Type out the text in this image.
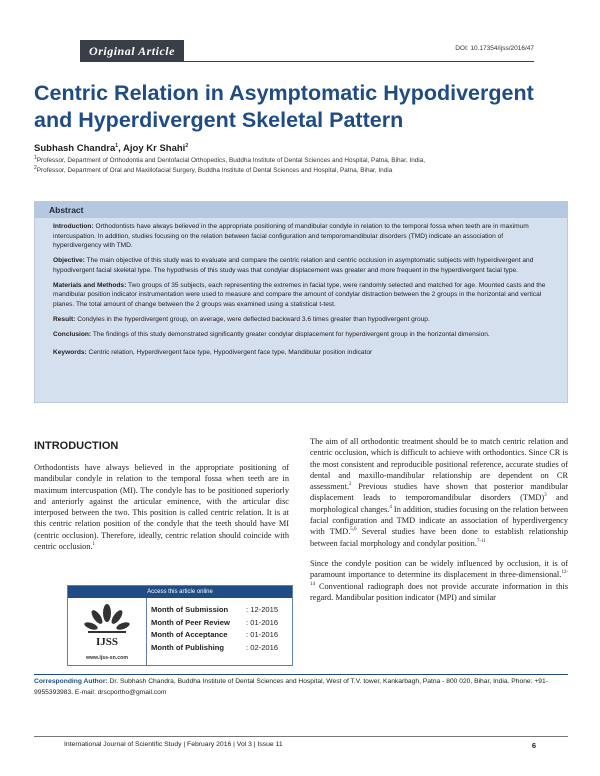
Original Article	DOI: 10.17354/ijss/2016/47
Centric Relation in Asymptomatic Hypodivergent and Hyperdivergent Skeletal Pattern
Subhash Chandra$^1$, Ajoy Kr Shahi$^2$
$^1$Professor, Department of Orthodontia and Dentofacial Orthopedics, Buddha Institute of Dental Sciences and Hospital, Patna, Bihar, India,
$^2$Professor, Department of Oral and Maxillofacial Surgery, Buddha Institute of Dental Sciences and Hospital, Patna, Bihar, India
Abstract

Introduction: Orthodontists have always believed in the appropriate positioning of mandibular condyle in relation to the temporal fossa when teeth are in maximum intercuspation. In addition, studies focusing on the relation between facial configuration and temporomandibular disorders (TMD) indicate an association of hyperdivergency with TMD.

Objective: The main objective of this study was to evaluate and compare the centric relation and centric occlusion in asymptomatic subjects with hyperdivergent and hypodivergent facial skeletal type. The hypothesis of this study was that condylar displacement was greater and more frequent in the hyperdivergent facial type.

Materials and Methods: Two groups of 35 subjects, each representing the extremes in facial type, were randomly selected and matched for age. Mounted casts and the mandibular position indicator instrumentation were used to measure and compare the amount of condylar distraction between the 2 groups in the horizontal and vertical planes. The total amount of change between the 2 groups was examined using a statistical t-test.

Result: Condyles in the hyperdivergent group, on average, were deflected backward 3.6 times greater than hypodivergent group.

Conclusion: The findings of this study demonstrated significantly greater condylar displacement for hyperdivergent group in the horizontal dimension.

Keywords: Centric relation, Hyperdivergent face type, Hypodivergent face type, Mandibular position indicator

INTRODUCTION

Orthodontists have always believed in the appropriate positioning of mandibular condyle in relation to the temporal fossa when teeth are in maximum intercuspation (MI). The condyle has to be positioned superiorly and anteriorly against the articular eminence, with the articular disc interposed between the two. This position is called centric relation. It is at this centric relation position of the condyle that the teeth should have MI (centric occlusion). Therefore, ideally, centric relation should coincide with centric occlusion.$^1$

The aim of all orthodontic treatment should be to match centric relation and centric occlusion, which is difficult to achieve with orthodontics. Since CR is the most consistent and reproducible positional reference, accurate studies of dental and maxillo-mandibular relationship are dependent on CR assessment.$^2$ Previous studies have shown that posterior mandibular displacement leads to temporomandibular disorders (TMD)$^3$ and morphological changes.$^4$ In addition, studies focusing on the relation between facial configuration and TMD indicate an association of hyperdivergency with TMD.$^{5,6}$ Several studies have been done to establish relationship between facial morphology and condylar position.$^{7-11}$

Since the condyle position can be widely influenced by occlusion, it is of paramount importance to determine its displacement in three-dimensional.$^{12-14}$ Conventional radiograph does not provide accurate information in this regard. Mandibular position indicator (MPI) and similar

Access this article online
IJSS
www.ijss-sn.com
Month of Submission	: 12-2015
Month of Peer Review	: 01-2016
Month of Acceptance	: 01-2016
Month of Publishing	: 02-2016
Corresponding Author: Dr. Subhash Chandra, Buddha Institute of Dental Sciences and Hospital, West of T.V. tower, Kankarbagh, Patna - 800 020, Bihar, India. Phone: +91-9955393983. E-mail: drscportho@gmail.com
International Journal of Scientific Study | February 2016 | Vol 3 | Issue 11	6
